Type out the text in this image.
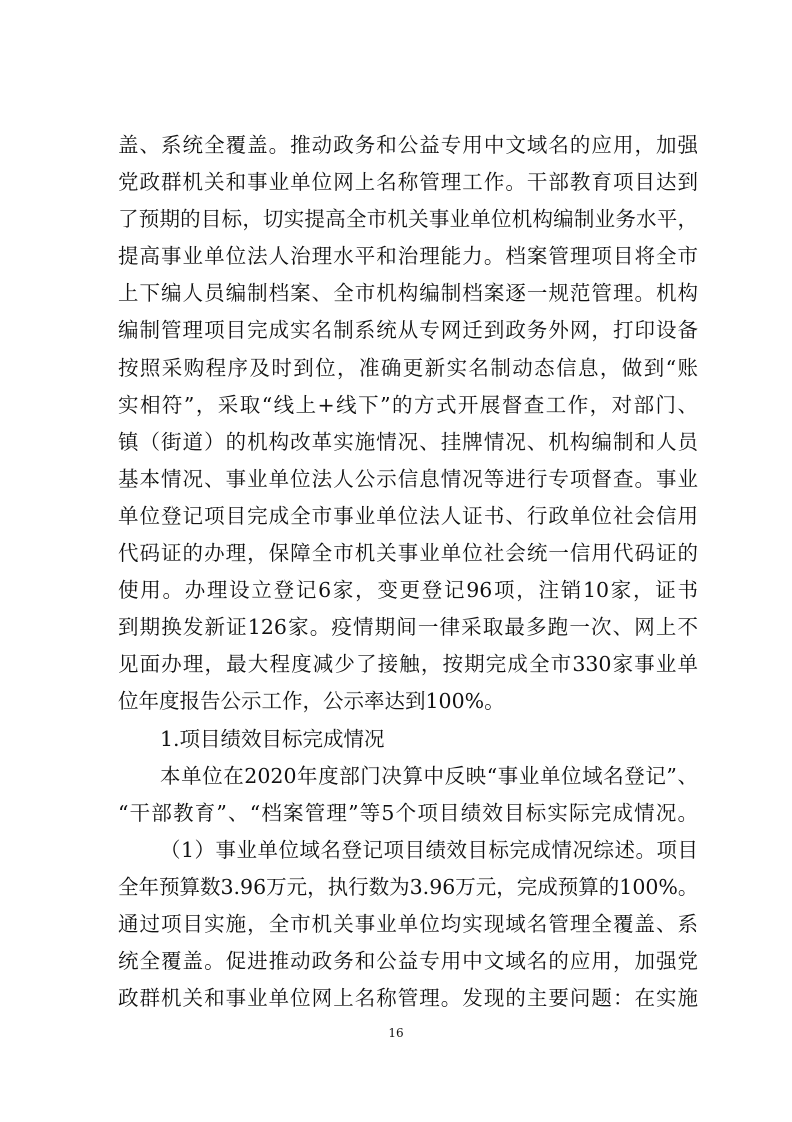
盖、系统全覆盖。推动政务和公益专用中文域名的应用，加强
党政群机关和事业单位网上名称管理工作。干部教育项目达到
了预期的目标，切实提高全市机关事业单位机构编制业务水平，
提高事业单位法人治理水平和治理能力。档案管理项目将全市
上下编人员编制档案、全市机构编制档案逐一规范管理。机构
编制管理项目完成实名制系统从专网迁到政务外网，打印设备
按照采购程序及时到位，准确更新实名制动态信息，做到“账
实相符”，采取“线上+线下”的方式开展督查工作，对部门、
镇（街道）的机构改革实施情况、挂牌情况、机构编制和人员
基本情况、事业单位法人公示信息情况等进行专项督查。事业
单位登记项目完成全市事业单位法人证书、行政单位社会信用
代码证的办理，保障全市机关事业单位社会统一信用代码证的
使用。办理设立登记6家，变更登记96项，注销10家，证书
到期换发新证126家。疫情期间一律采取最多跑一次、网上不
见面办理，最大程度减少了接触，按期完成全市330家事业单
位年度报告公示工作，公示率达到100%。
1.项目绩效目标完成情况
本单位在2020年度部门决算中反映“事业单位域名登记”、
“干部教育”、“档案管理”等5个项目绩效目标实际完成情况。
（1）事业单位域名登记项目绩效目标完成情况综述。项目
全年预算数3.96万元，执行数为3.96万元，完成预算的100%。
通过项目实施，全市机关事业单位均实现域名管理全覆盖、系
统全覆盖。促进推动政务和公益专用中文域名的应用，加强党
政群机关和事业单位网上名称管理。发现的主要问题：在实施
16
